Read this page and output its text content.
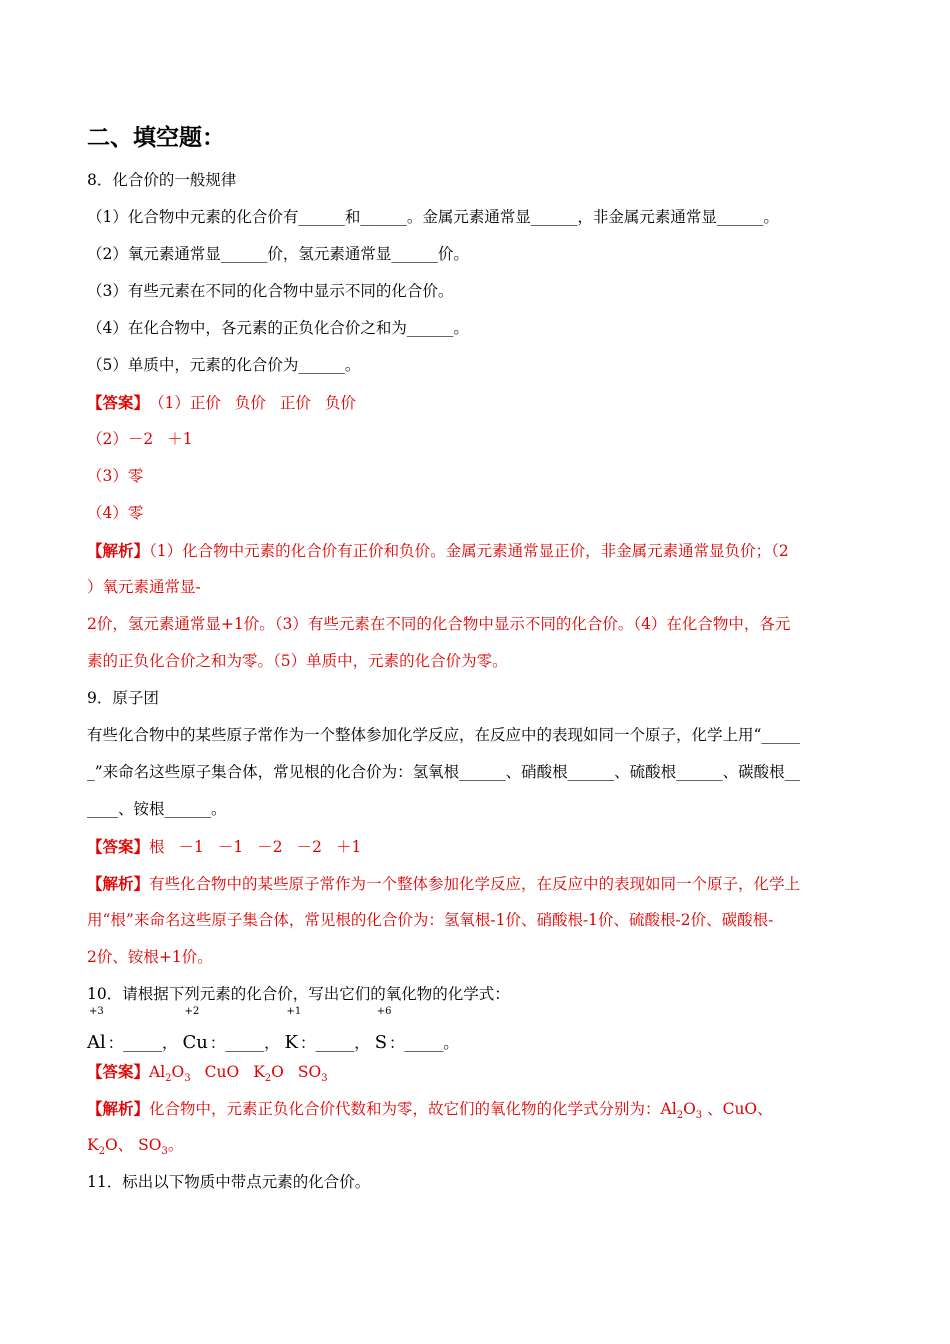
二、填空题：
8．化合价的一般规律
（1）化合物中元素的化合价有______和______。金属元素通常显______，非金属元素通常显______。
（2）氧元素通常显______价，氢元素通常显______价。
（3）有些元素在不同的化合物中显示不同的化合价。
（4）在化合物中，各元素的正负化合价之和为______。
（5）单质中，元素的化合价为______。
【答案】（1）正价 负价 正价 负价
（2）－2 ＋1
（3）零
（4）零
【解析】（1）化合物中元素的化合价有正价和负价。金属元素通常显正价，非金属元素通常显负价；（2
）氧元素通常显-
2价，氢元素通常显+1价。（3）有些元素在不同的化合物中显示不同的化合价。（4）在化合物中，各元
素的正负化合价之和为零。（5）单质中，元素的化合价为零。
9．原子团
有些化合物中的某些原子常作为一个整体参加化学反应，在反应中的表现如同一个原子，化学上用“_____
_”来命名这些原子集合体，常见根的化合价为：氢氧根______、硝酸根______、硫酸根______、碳酸根__
____、铵根______。
【答案】根 －1 －1 －2 －2 ＋1
【解析】有些化合物中的某些原子常作为一个整体参加化学反应，在反应中的表现如同一个原子，化学上
用“根”来命名这些原子集合体，常见根的化合价为：氢氧根-1价、硝酸根-1价、硫酸根-2价、碳酸根-
2价、铵根+1价。
10．请根据下列元素的化合价，写出它们的氧化物的化学式：
+3
Al ：_____，
+2
Cu ：_____，
+1
K ：_____，
+6
S ：_____。
【答案】$Al_2O_3$ CuO $K_2O$ $SO_3$
【解析】化合物中，元素正负化合价代数和为零，故它们的氧化物的化学式分别为：$Al_2O_3$ 、CuO、
$K_2O$、 $SO_3$。
11．标出以下物质中带点元素的化合价。
